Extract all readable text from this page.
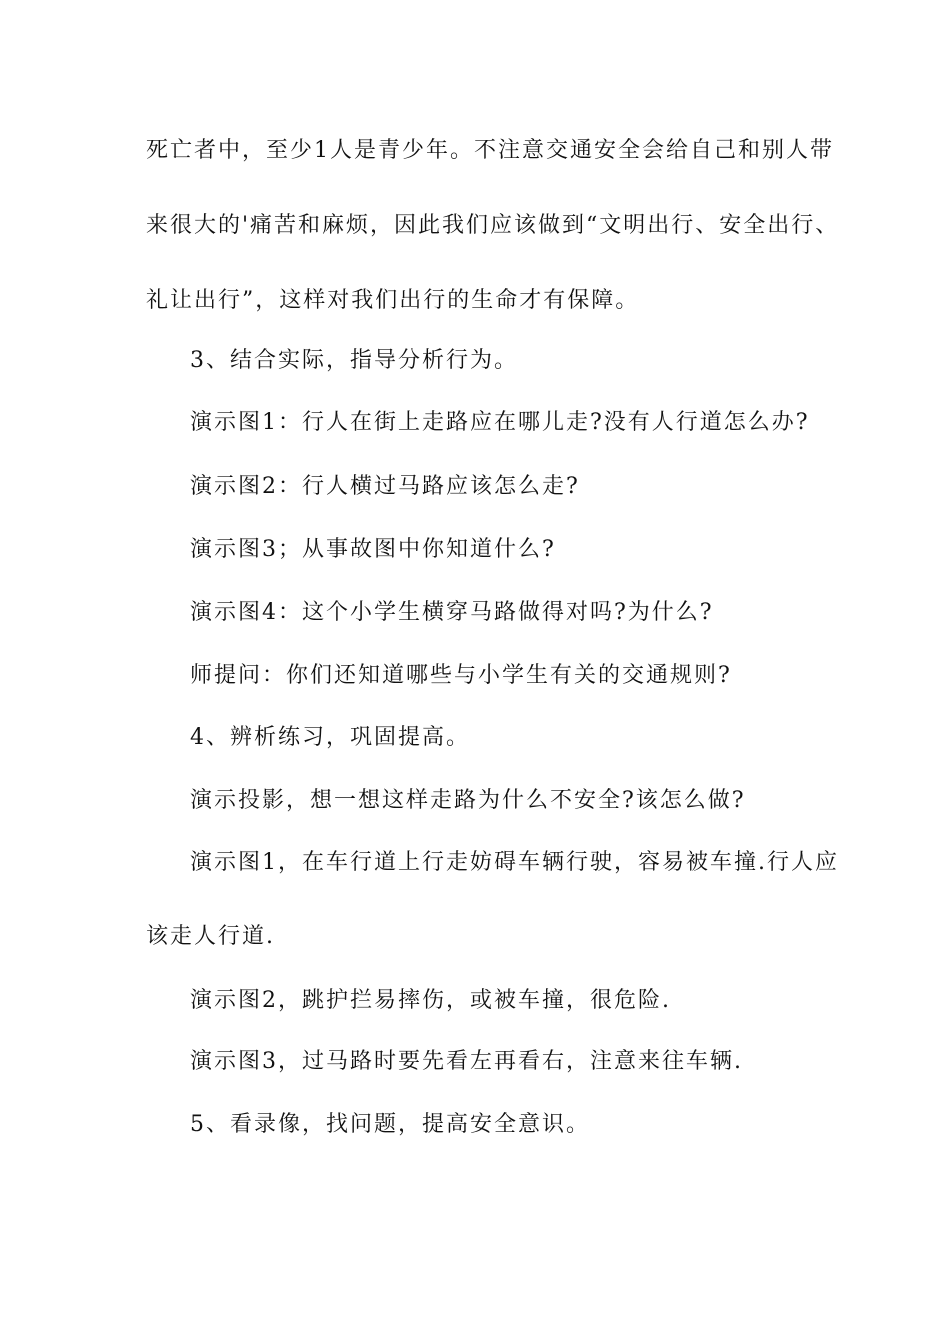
死亡者中，至少1人是青少年。不注意交通安全会给自己和别人带
来很大的'痛苦和麻烦，因此我们应该做到“文明出行、安全出行、
礼让出行”，这样对我们出行的生命才有保障。
3、结合实际，指导分析行为。
演示图1：行人在街上走路应在哪儿走?没有人行道怎么办?
演示图2：行人横过马路应该怎么走?
演示图3；从事故图中你知道什么?
演示图4：这个小学生横穿马路做得对吗?为什么?
师提问：你们还知道哪些与小学生有关的交通规则?
4、辨析练习，巩固提高。
演示投影，想一想这样走路为什么不安全?该怎么做?
演示图1，在车行道上行走妨碍车辆行驶，容易被车撞.行人应
该走人行道.
演示图2，跳护拦易摔伤，或被车撞，很危险.
演示图3，过马路时要先看左再看右，注意来往车辆.
5、看录像，找问题，提高安全意识。
